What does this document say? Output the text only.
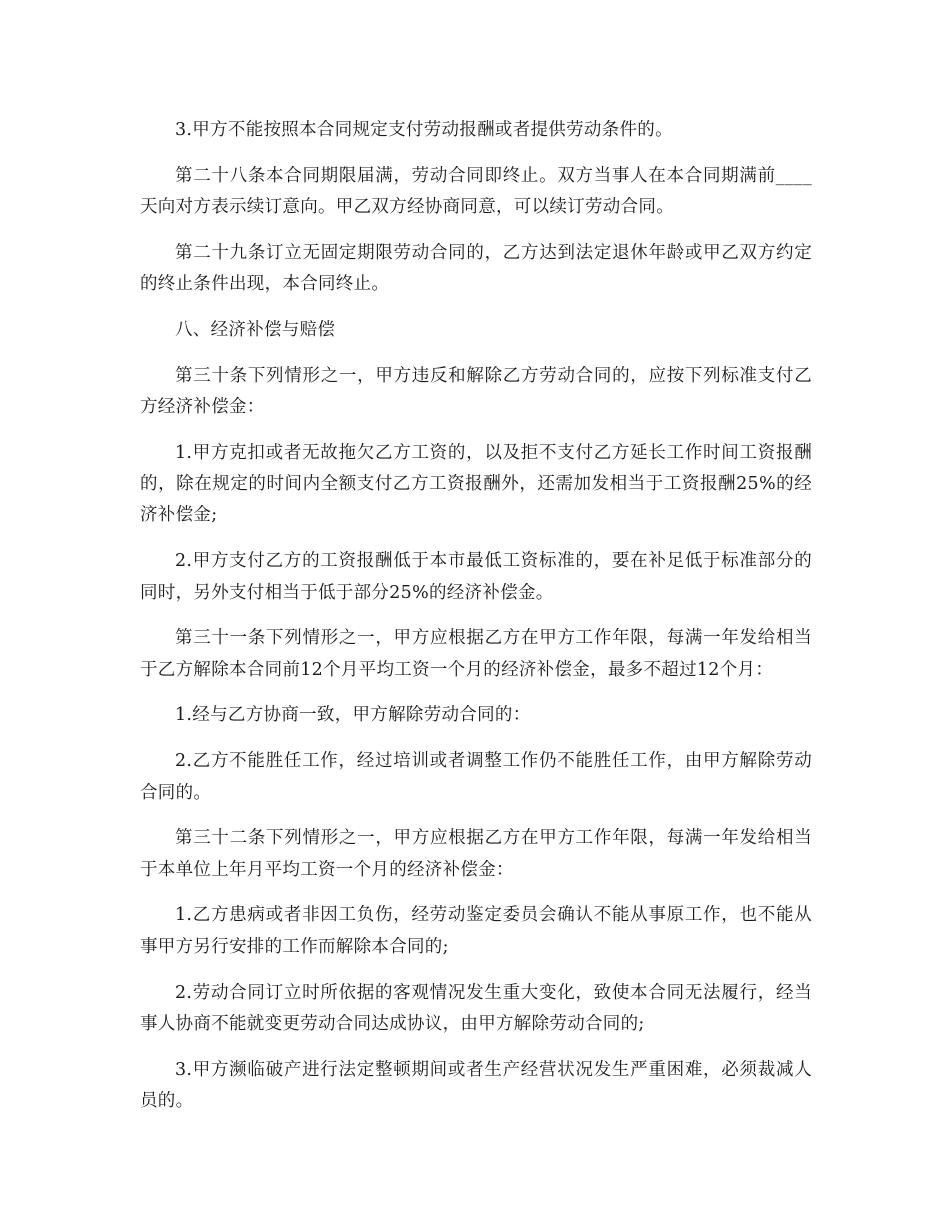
3.甲方不能按照本合同规定支付劳动报酬或者提供劳动条件的。

第二十八条本合同期限届满，劳动合同即终止。双方当事人在本合同期满前____天向对方表示续订意向。甲乙双方经协商同意，可以续订劳动合同。

第二十九条订立无固定期限劳动合同的，乙方达到法定退休年龄或甲乙双方约定的终止条件出现，本合同终止。

八、经济补偿与赔偿

第三十条下列情形之一，甲方违反和解除乙方劳动合同的，应按下列标准支付乙方经济补偿金：

1.甲方克扣或者无故拖欠乙方工资的，以及拒不支付乙方延长工作时间工资报酬的，除在规定的时间内全额支付乙方工资报酬外，还需加发相当于工资报酬25%的经济补偿金;

2.甲方支付乙方的工资报酬低于本市最低工资标准的，要在补足低于标准部分的同时，另外支付相当于低于部分25%的经济补偿金。

第三十一条下列情形之一，甲方应根据乙方在甲方工作年限，每满一年发给相当于乙方解除本合同前12个月平均工资一个月的经济补偿金，最多不超过12个月：

1.经与乙方协商一致，甲方解除劳动合同的：

2.乙方不能胜任工作，经过培训或者调整工作仍不能胜任工作，由甲方解除劳动合同的。

第三十二条下列情形之一，甲方应根据乙方在甲方工作年限，每满一年发给相当于本单位上年月平均工资一个月的经济补偿金：

1.乙方患病或者非因工负伤，经劳动鉴定委员会确认不能从事原工作，也不能从事甲方另行安排的工作而解除本合同的;

2.劳动合同订立时所依据的客观情况发生重大变化，致使本合同无法履行，经当事人协商不能就变更劳动合同达成协议，由甲方解除劳动合同的;

3.甲方濒临破产进行法定整顿期间或者生产经营状况发生严重困难，必须裁减人员的。
